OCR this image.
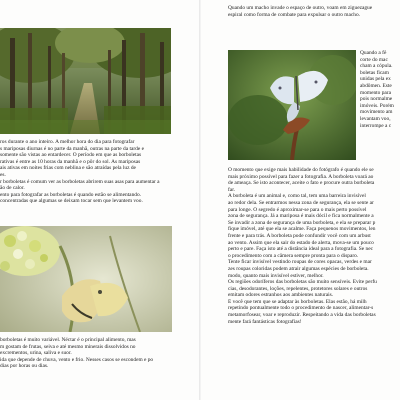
ros durante o ano inteiro. A melhor hora do dia para fotografar
s mariposas diurnas é no parte da manhã, outras na parte da tarde e
somente são vistas ao entardecer. O período em que as borboletas
rativas é entre as 10 horas da manhã e o pôr do sol. As mariposas
ais ativas em noites frias com neblina e são atraídas pela luz de
es.
r borboletas é comum ver as borboletas abrirem suas asas para aumentar a
ão de calor.
ento para fotografar as borboletas é quando estão se alimentando.
concentradas que algumas se deixam tocar sem que levantem voo.
borboletas é muito variável. Néctar é o principal alimento, mas
m gostam de frutas, seiva e até mesmo minerais dissolvidos no
excrementos, urina, saliva e suor.
ida que depende de chuva, vento e frio. Nesses casos se escondem e po
dias por horas ou dias.
Quando um macho invade o espaço de outro, voam em ziguezague
espiral como forma de combate para expulsar o outro macho.
Quando a fê
corte do mac
cham a cópula.
boletas ficam
unidas pela ex
abdômen. Este
momento para
pois normalme
imóveis. Porém
movimento am
levantam voo,
interrompe a c
O momento que exige mais habilidade do fotógrafo é quando ele se
mais próximo possível para fazer a fotografia. A borboleta voará ao
de ameaça. Se isto acontecer, aceite o fato e procure outra borboleta
far.
A borboleta é um animal e, como tal, tem uma barreira invisível
ao redor dela. Se entrarmos nessa zona de segurança, ela se sente ar
para longe. O segredo é aproximar-se para o mais perto possível
zona de segurança. Já a mariposa é mais dócil e fica normalmente a
Se invadir a zona de segurança de uma borboleta, e ela se preparar p
fique imóvel, até que ela se acalme. Faça pequenos movimentos, len
frente e para trás. A borboleta pode confundir você com um arbust
ao vento. Assim que ela sair do estado de alerta, mova-se um pouco
perto e pare. Faça isto até a distância ideal para a fotografia. Se nec
o procedimento com a câmera sempre pronta para o disparo.
Tente ficar invisível vestindo roupas de cores opacas, verdes e mar
zes roupas coloridas podem atrair algumas espécies de borboleta.
modo, quanto mais invisível estiver, melhor.
Os regiões odoríferos das borboletas são muito sensíveis. Evite perfu
cias, desodorantes, loções, repelentes, protetores solares e outros
emitam odores estranhos aos ambientes naturais.
É você que tem que se adaptar às borboletas. Elas estão, há milh
repetindo pontualmente todo o procedimento de nascer, alimentar-s
metamorfosear, voar e reproduzir. Respeitando a vida das borboletas
mente fará fantásticas fotografias!
